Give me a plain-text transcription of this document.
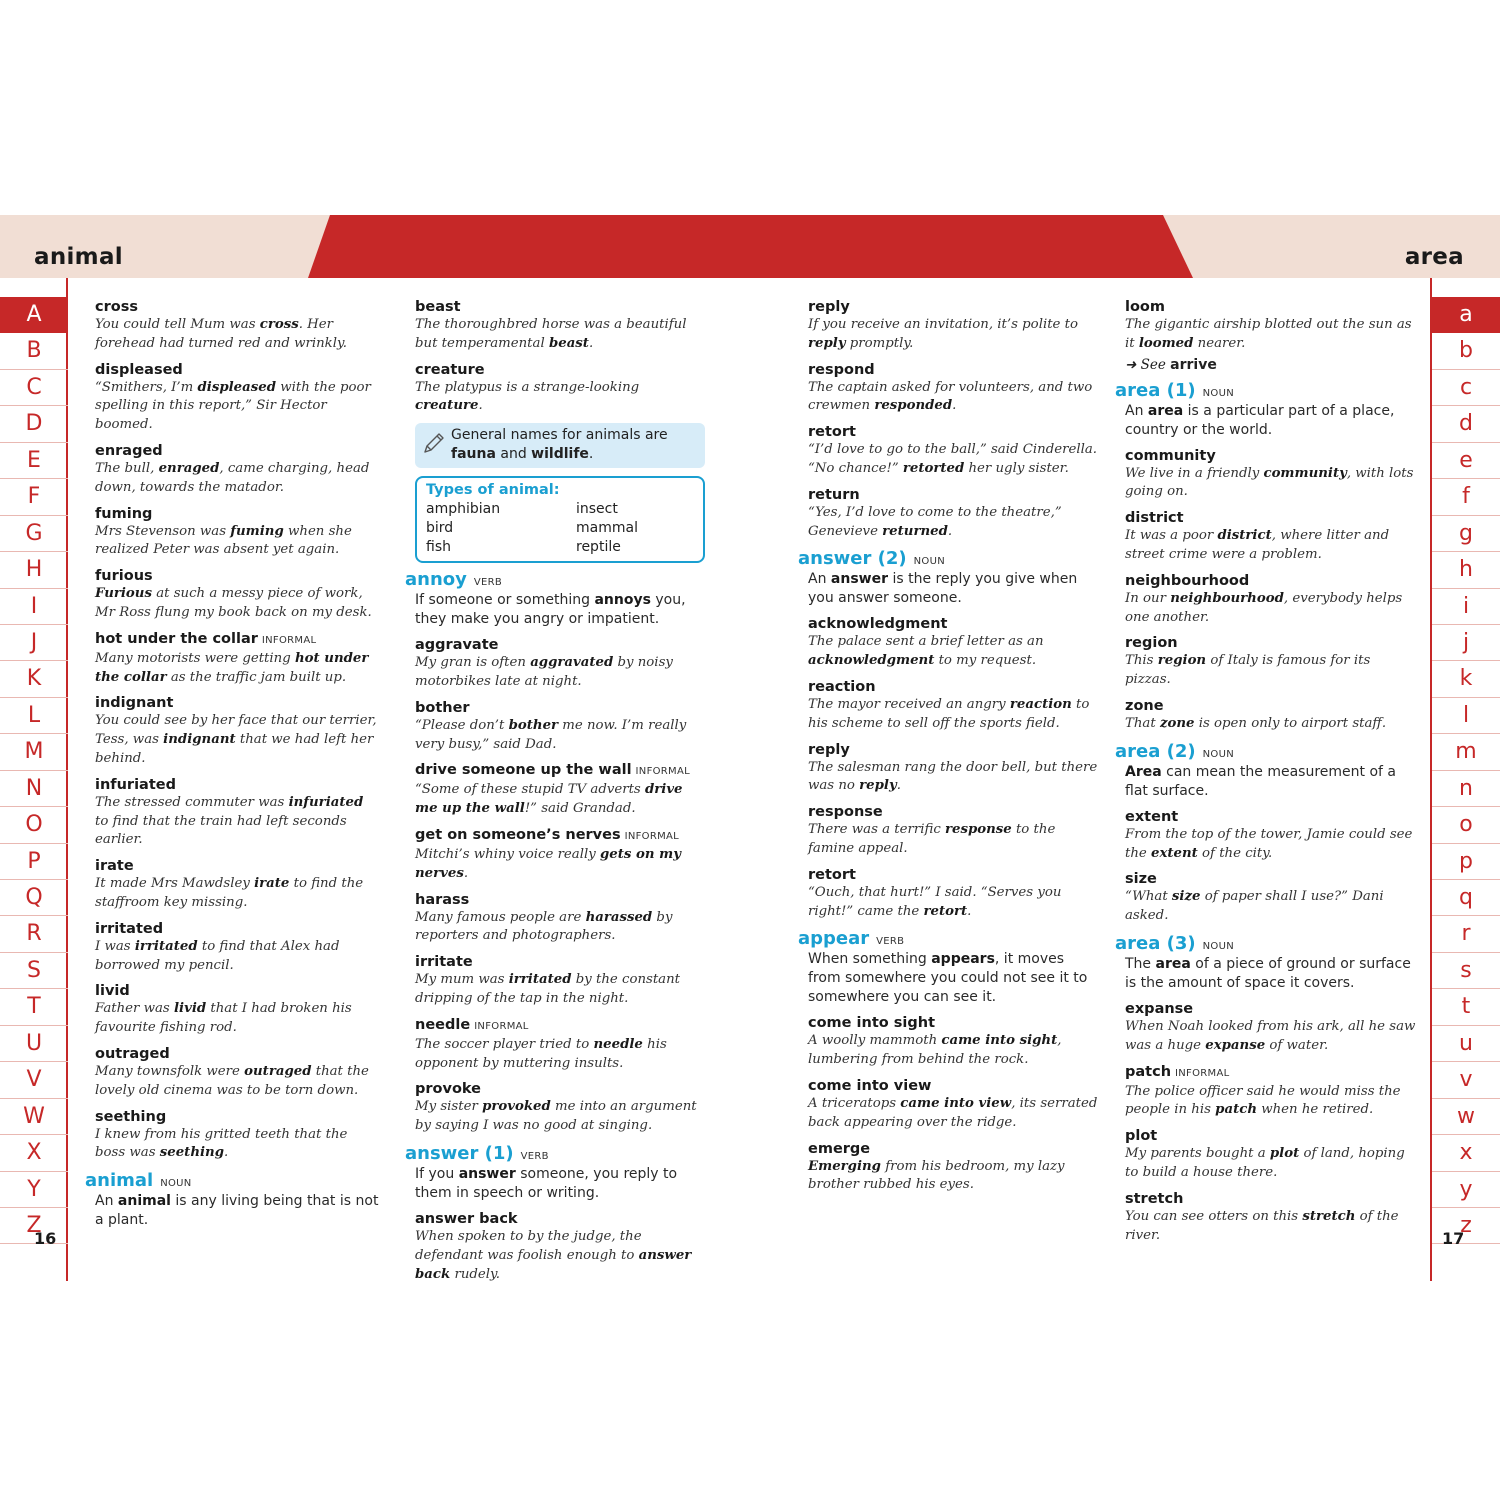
animal	area
A
B
C
D
E
F
G
H
I
J
K
L
M
N
O
P
Q
R
S
T
U
V
W
X
Y
Z
a
b
c
d
e
f
g
h
i
j
k
l
m
n
o
p
q
r
s
t
u
v
w
x
y
z
16	17
cross
You could tell Mum was cross. Her forehead had turned red and wrinkly.
displeased
“Smithers, I’m displeased with the poor spelling in this report,” Sir Hector boomed.
enraged
The bull, enraged, came charging, head down, towards the matador.
fuming
Mrs Stevenson was fuming when she realized Peter was absent yet again.
furious
Furious at such a messy piece of work, Mr Ross flung my book back on my desk.
hot under the collar INFORMAL
Many motorists were getting hot under the collar as the traffic jam built up.
indignant
You could see by her face that our terrier, Tess, was indignant that we had left her behind.
infuriated
The stressed commuter was infuriated to find that the train had left seconds earlier.
irate
It made Mrs Mawdsley irate to find the staffroom key missing.
irritated
I was irritated to find that Alex had borrowed my pencil.
livid
Father was livid that I had broken his favourite fishing rod.
outraged
Many townsfolk were outraged that the lovely old cinema was to be torn down.
seething
I knew from his gritted teeth that the boss was seething.
animal NOUN
An animal is any living being that is not a plant.
beast
The thoroughbred horse was a beautiful but temperamental beast.
creature
The platypus is a strange-looking creature.
General names for animals are fauna and wildlife.
Types of animal:
amphibian	insect
bird	mammal
fish	reptile
annoy VERB
If someone or something annoys you, they make you angry or impatient.
aggravate
My gran is often aggravated by noisy motorbikes late at night.
bother
“Please don’t bother me now. I’m really very busy,” said Dad.
drive someone up the wall INFORMAL
“Some of these stupid TV adverts drive me up the wall!” said Grandad.
get on someone’s nerves INFORMAL
Mitchi’s whiny voice really gets on my nerves.
harass
Many famous people are harassed by reporters and photographers.
irritate
My mum was irritated by the constant dripping of the tap in the night.
needle INFORMAL
The soccer player tried to needle his opponent by muttering insults.
provoke
My sister provoked me into an argument by saying I was no good at singing.
answer (1) VERB
If you answer someone, you reply to them in speech or writing.
answer back
When spoken to by the judge, the defendant was foolish enough to answer back rudely.
reply
If you receive an invitation, it’s polite to reply promptly.
respond
The captain asked for volunteers, and two crewmen responded.
retort
“I’d love to go to the ball,” said Cinderella. “No chance!” retorted her ugly sister.
return
“Yes, I’d love to come to the theatre,” Genevieve returned.
answer (2) NOUN
An answer is the reply you give when you answer someone.
acknowledgment
The palace sent a brief letter as an acknowledgment to my request.
reaction
The mayor received an angry reaction to his scheme to sell off the sports field.
reply
The salesman rang the door bell, but there was no reply.
response
There was a terrific response to the famine appeal.
retort
“Ouch, that hurt!” I said. “Serves you right!” came the retort.
appear VERB
When something appears, it moves from somewhere you could not see it to somewhere you can see it.
come into sight
A woolly mammoth came into sight, lumbering from behind the rock.
come into view
A triceratops came into view, its serrated back appearing over the ridge.
emerge
Emerging from his bedroom, my lazy brother rubbed his eyes.
loom
The gigantic airship blotted out the sun as it loomed nearer.
➜ See arrive
area (1) NOUN
An area is a particular part of a place, country or the world.
community
We live in a friendly community, with lots going on.
district
It was a poor district, where litter and street crime were a problem.
neighbourhood
In our neighbourhood, everybody helps one another.
region
This region of Italy is famous for its pizzas.
zone
That zone is open only to airport staff.
area (2) NOUN
Area can mean the measurement of a flat surface.
extent
From the top of the tower, Jamie could see the extent of the city.
size
“What size of paper shall I use?” Dani asked.
area (3) NOUN
The area of a piece of ground or surface is the amount of space it covers.
expanse
When Noah looked from his ark, all he saw was a huge expanse of water.
patch INFORMAL
The police officer said he would miss the people in his patch when he retired.
plot
My parents bought a plot of land, hoping to build a house there.
stretch
You can see otters on this stretch of the river.
